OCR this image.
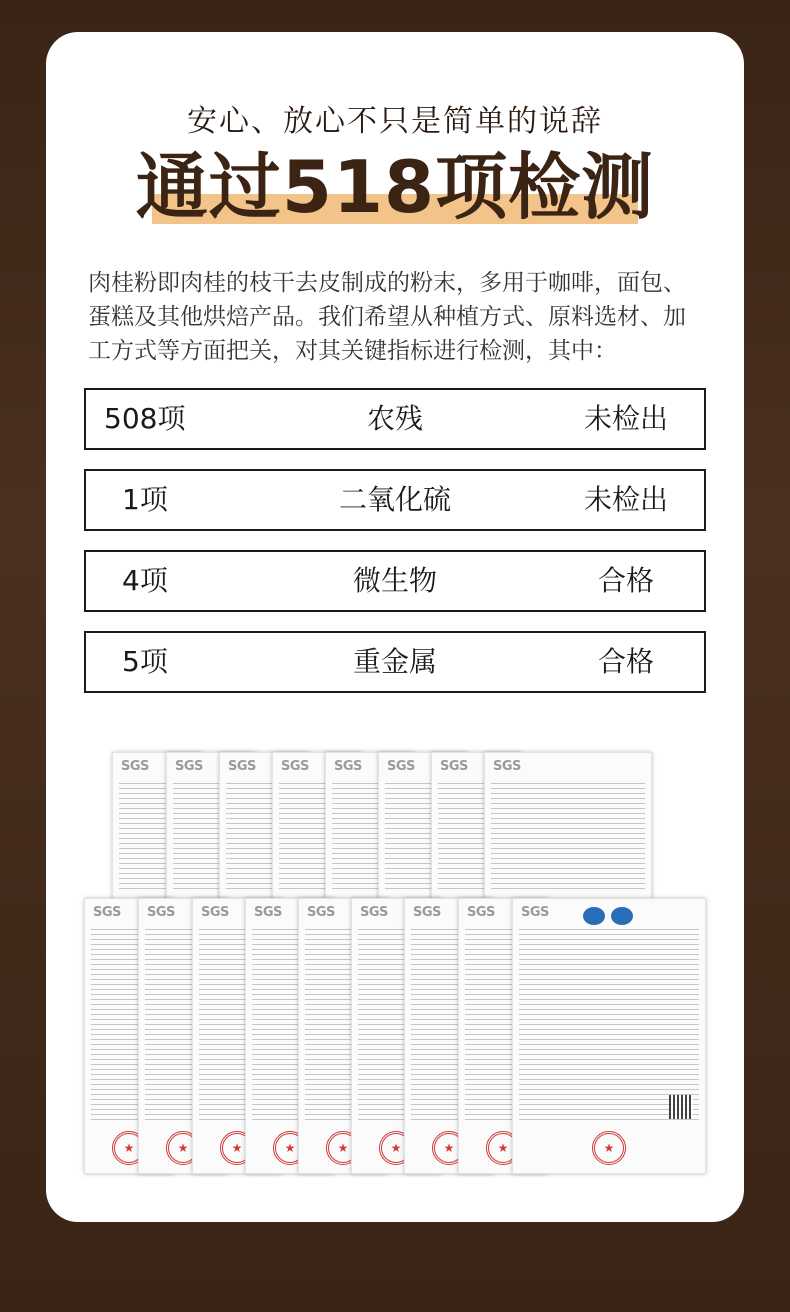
安心、放心不只是简单的说辞
通过518项检测
肉桂粉即肉桂的枝干去皮制成的粉末，多用于咖啡，面包、蛋糕及其他烘焙产品。我们希望从种植方式、原料选材、加工方式等方面把关，对其关键指标进行检测，其中：
508项	农残	未检出
1项	二氧化硫	未检出
4项	微生物	合格
5项	重金属	合格
SGS SGS SGS SGS SGS SGS SGS SGS
SGS
★ SGS
★ SGS
★ SGS
★ SGS
★ SGS
★ SGS
★ SGS
★ SGS
★
